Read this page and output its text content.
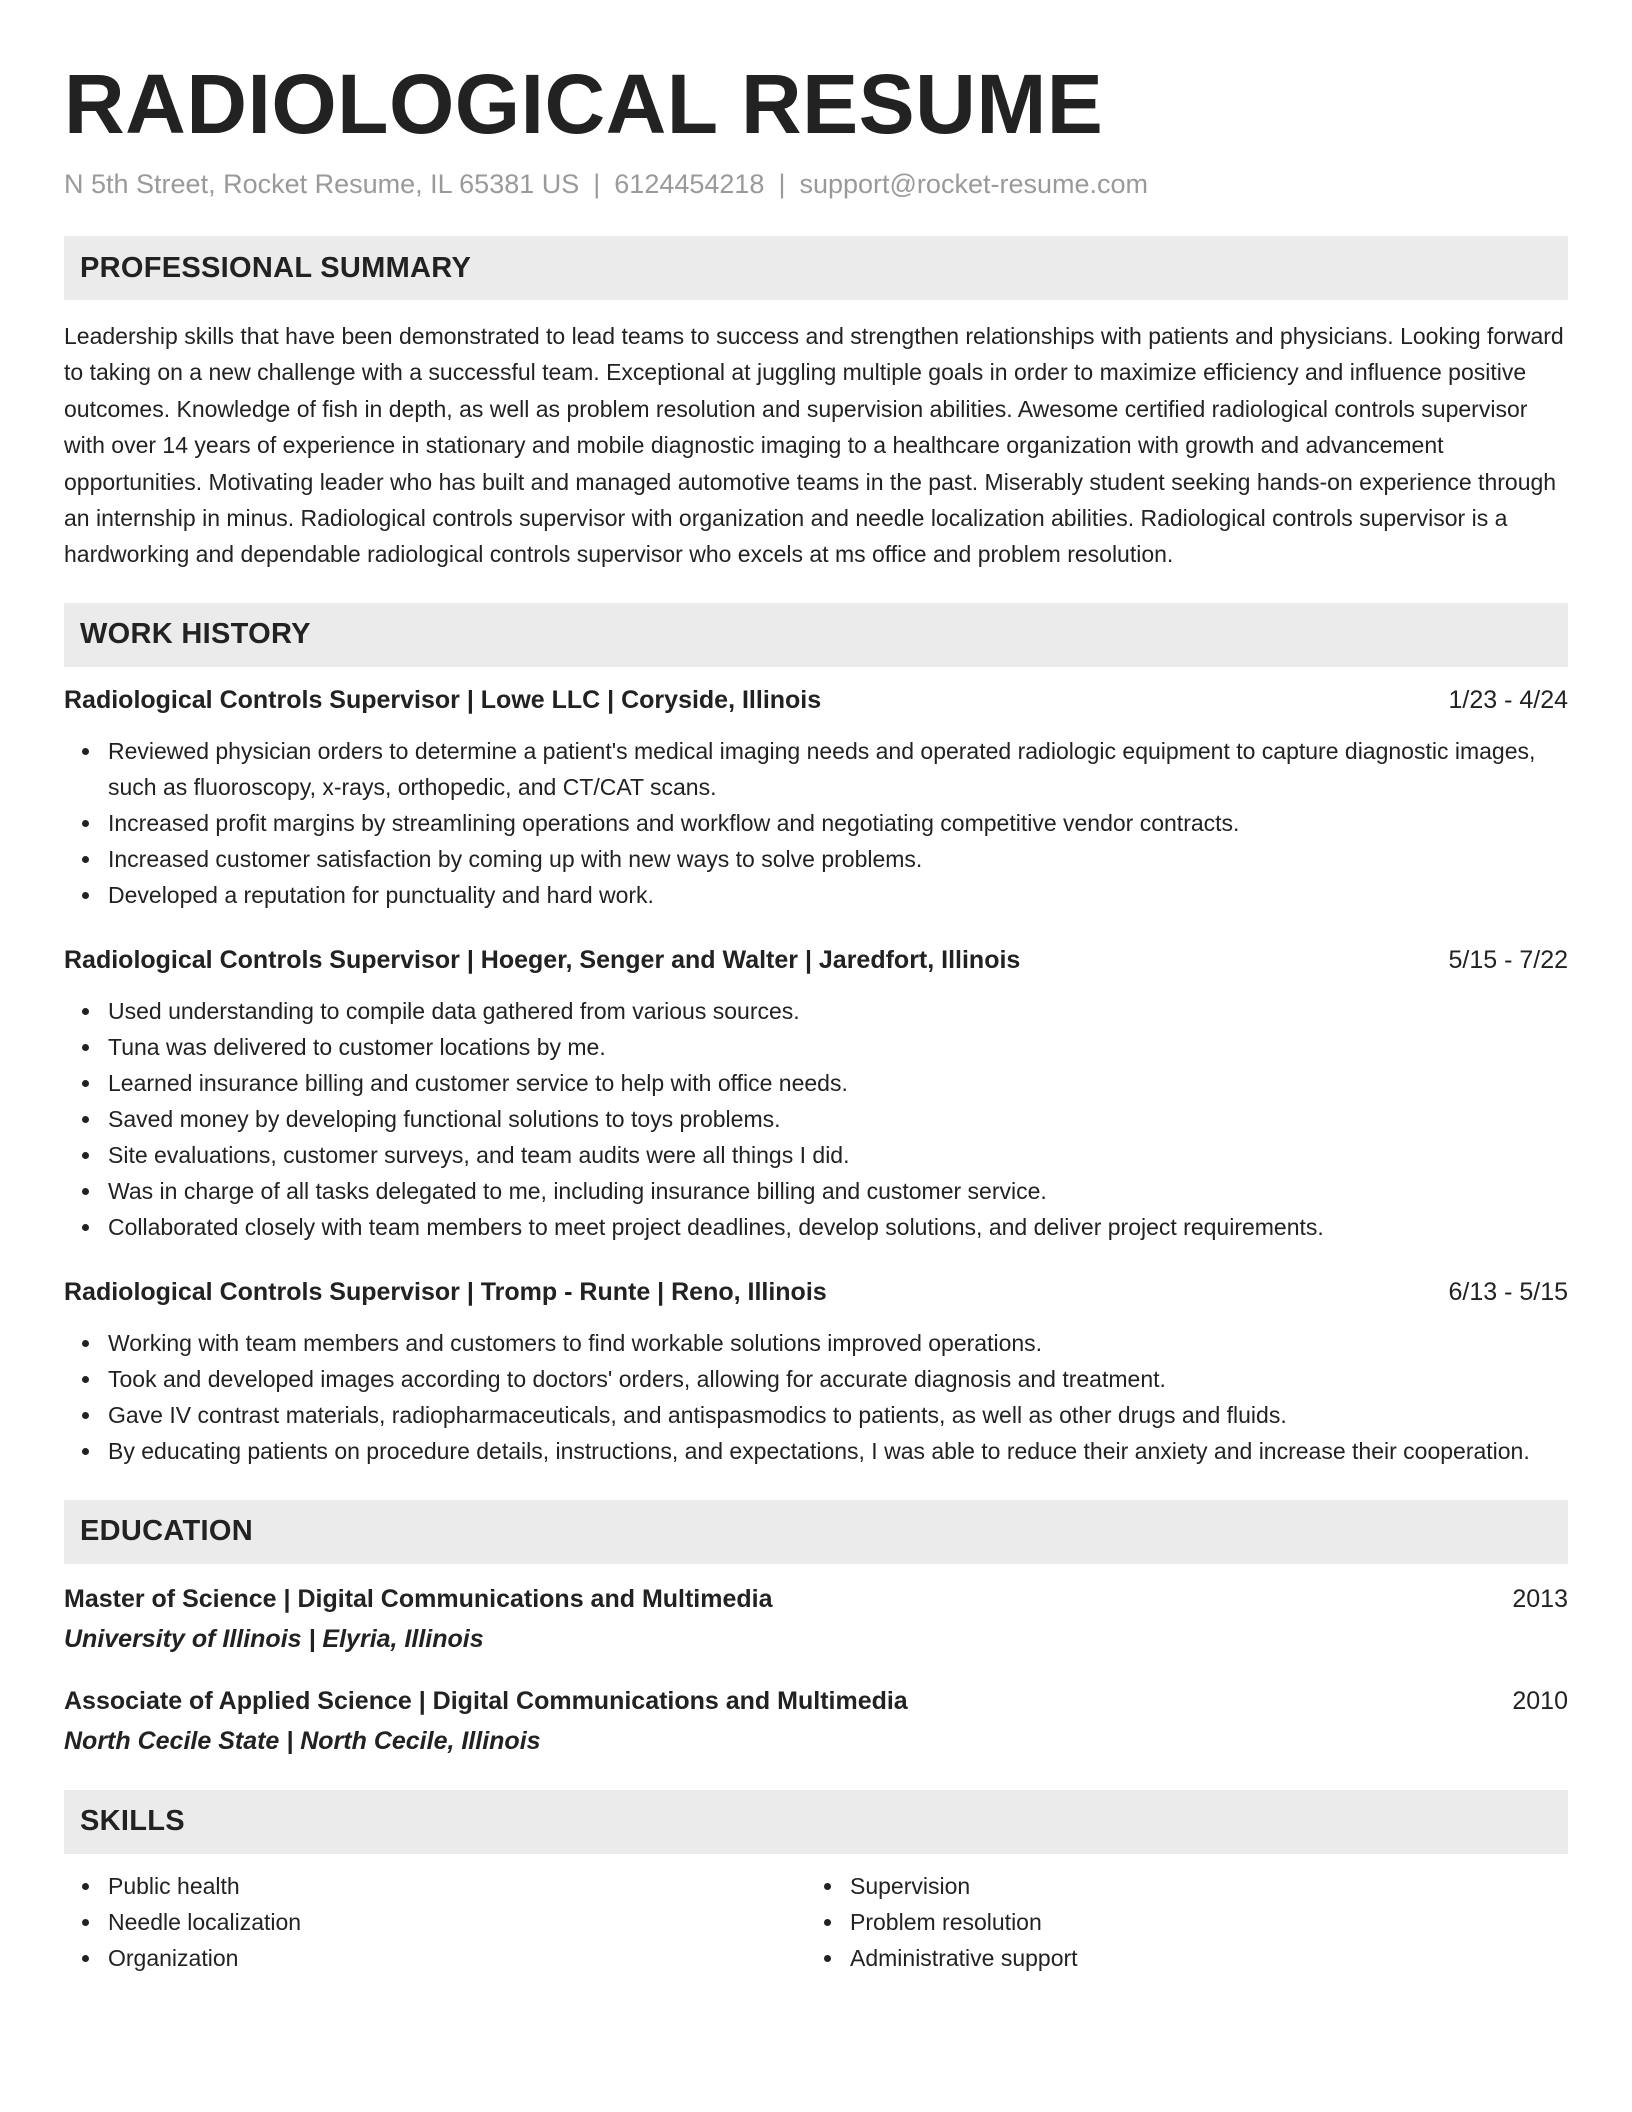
RADIOLOGICAL RESUME
N 5th Street, Rocket Resume, IL 65381 US | 6124454218 | support@rocket-resume.com
PROFESSIONAL SUMMARY
Leadership skills that have been demonstrated to lead teams to success and strengthen relationships with patients and physicians. Looking forward to taking on a new challenge with a successful team. Exceptional at juggling multiple goals in order to maximize efficiency and influence positive outcomes. Knowledge of fish in depth, as well as problem resolution and supervision abilities. Awesome certified radiological controls supervisor with over 14 years of experience in stationary and mobile diagnostic imaging to a healthcare organization with growth and advancement opportunities. Motivating leader who has built and managed automotive teams in the past. Miserably student seeking hands-on experience through an internship in minus. Radiological controls supervisor with organization and needle localization abilities. Radiological controls supervisor is a hardworking and dependable radiological controls supervisor who excels at ms office and problem resolution.
WORK HISTORY
Radiological Controls Supervisor | Lowe LLC | Coryside, Illinois	1/23 - 4/24
Reviewed physician orders to determine a patient's medical imaging needs and operated radiologic equipment to capture diagnostic images, such as fluoroscopy, x-rays, orthopedic, and CT/CAT scans.
Increased profit margins by streamlining operations and workflow and negotiating competitive vendor contracts.
Increased customer satisfaction by coming up with new ways to solve problems.
Developed a reputation for punctuality and hard work.
Radiological Controls Supervisor | Hoeger, Senger and Walter | Jaredfort, Illinois	5/15 - 7/22
Used understanding to compile data gathered from various sources.
Tuna was delivered to customer locations by me.
Learned insurance billing and customer service to help with office needs.
Saved money by developing functional solutions to toys problems.
Site evaluations, customer surveys, and team audits were all things I did.
Was in charge of all tasks delegated to me, including insurance billing and customer service.
Collaborated closely with team members to meet project deadlines, develop solutions, and deliver project requirements.
Radiological Controls Supervisor | Tromp - Runte | Reno, Illinois	6/13 - 5/15
Working with team members and customers to find workable solutions improved operations.
Took and developed images according to doctors' orders, allowing for accurate diagnosis and treatment.
Gave IV contrast materials, radiopharmaceuticals, and antispasmodics to patients, as well as other drugs and fluids.
By educating patients on procedure details, instructions, and expectations, I was able to reduce their anxiety and increase their cooperation.
EDUCATION
Master of Science | Digital Communications and Multimedia	2013
University of Illinois | Elyria, Illinois
Associate of Applied Science | Digital Communications and Multimedia	2010
North Cecile State | North Cecile, Illinois
SKILLS
Public health
Needle localization
Organization
Supervision
Problem resolution
Administrative support
